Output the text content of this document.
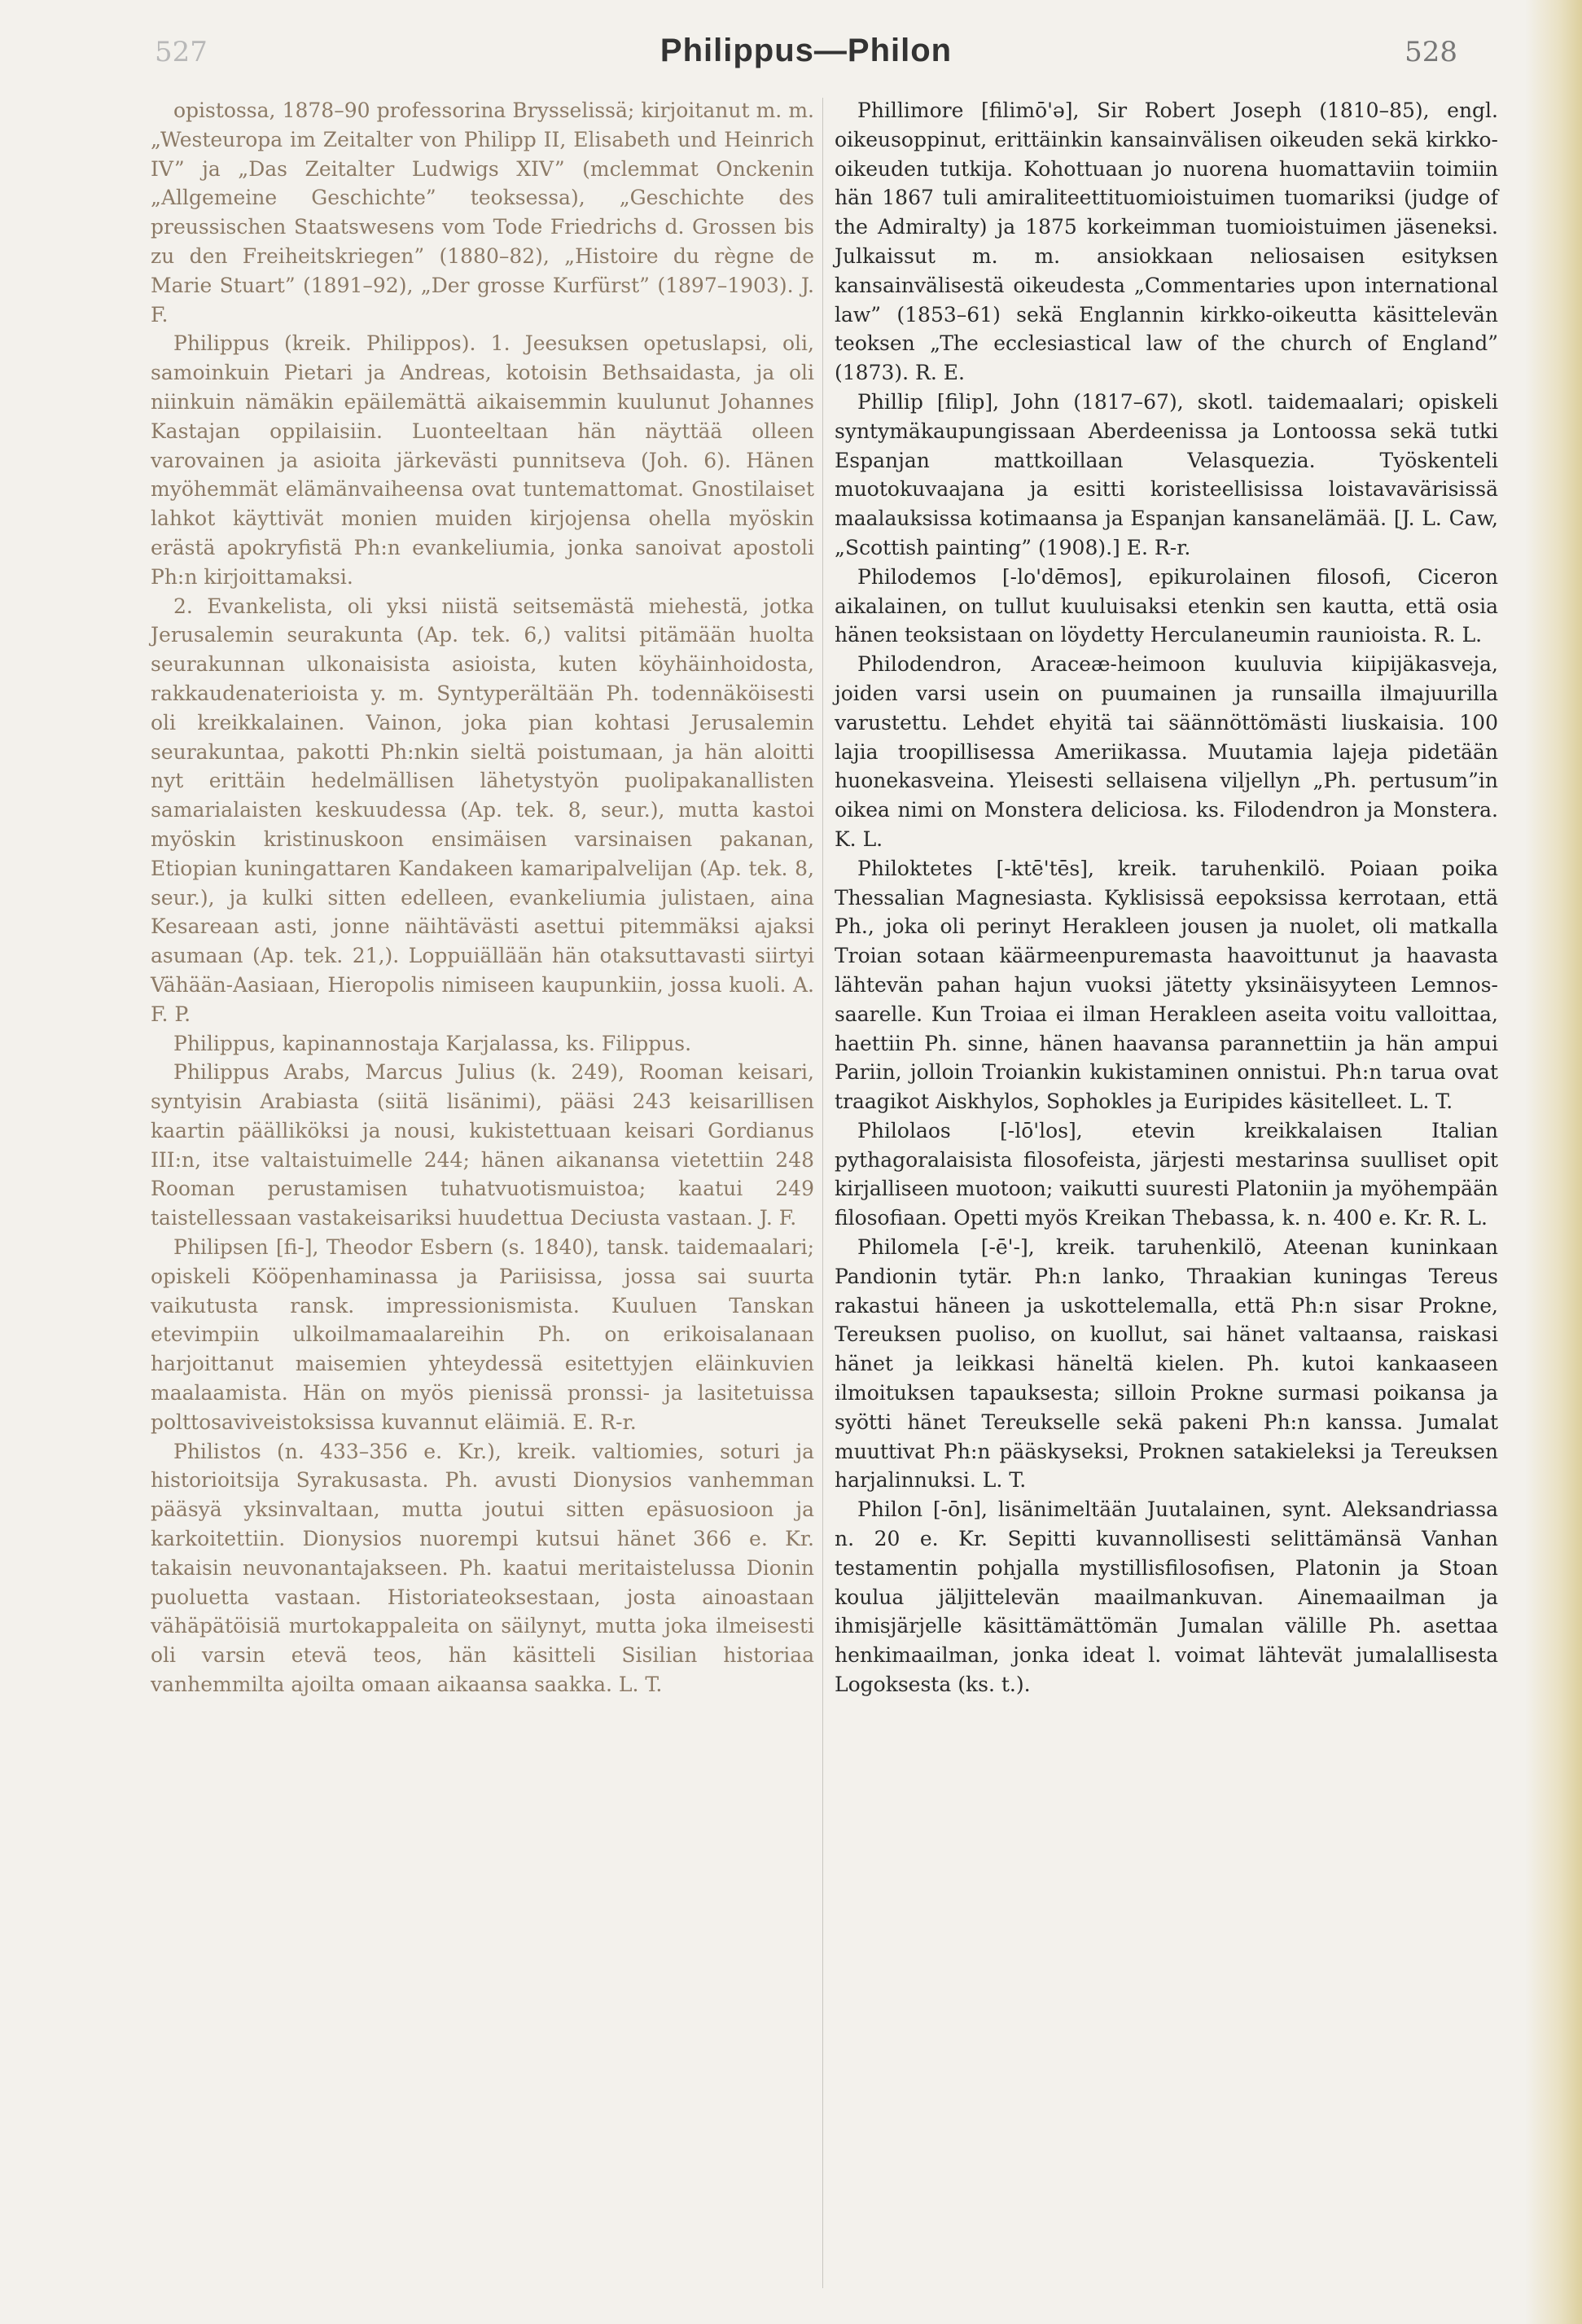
527	Philippus—Philon	528

opistossa, 1878–90 professorina Brysselissä; kirjoitanut m. m. „Westeuropa im Zeitalter von Philipp II, Elisabeth und Heinrich IV” ja „Das Zeitalter Ludwigs XIV” (mclemmat Onckenin „Allgemeine Geschichte” teoksessa), „Geschichte des preussischen Staatswesens vom Tode Friedrichs d. Grossen bis zu den Freiheitskriegen” (1880–82), „Histoire du règne de Marie Stuart” (1891–92), „Der grosse Kurfürst” (1897–1903). J. F.

Philippus (kreik. Philippos). 1. Jeesuksen opetuslapsi, oli, samoinkuin Pietari ja Andreas, kotoisin Bethsaidasta, ja oli niinkuin nämäkin epäilemättä aikaisemmin kuulunut Johannes Kastajan oppilaisiin. Luonteeltaan hän näyttää olleen varovainen ja asioita järkevästi punnitseva (Joh. 6). Hänen myöhemmät elämänvaiheensa ovat tuntemattomat. Gnostilaiset lahkot käyttivät monien muiden kirjojensa ohella myöskin erästä apokryfistä Ph:n evankeliumia, jonka sanoivat apostoli Ph:n kirjoittamaksi.

2. Evankelista, oli yksi niistä seitsemästä miehestä, jotka Jerusalemin seurakunta (Ap. tek. 6,) valitsi pitämään huolta seurakunnan ulkonaisista asioista, kuten köyhäinhoidosta, rakkaudenaterioista y. m. Syntyperältään Ph. todennäköisesti oli kreikkalainen. Vainon, joka pian kohtasi Jerusalemin seurakuntaa, pakotti Ph:nkin sieltä poistumaan, ja hän aloitti nyt erittäin hedelmällisen lähetystyön puolipakanallisten samarialaisten keskuudessa (Ap. tek. 8, seur.), mutta kastoi myöskin kristinuskoon ensimäisen varsinaisen pakanan, Etiopian kuningattaren Kandakeen kamaripalvelijan (Ap. tek. 8, seur.), ja kulki sitten edelleen, evankeliumia julistaen, aina Kesareaan asti, jonne näihtävästi asettui pitemmäksi ajaksi asumaan (Ap. tek. 21,). Loppuiällään hän otaksuttavasti siirtyi Vähään-Aasiaan, Hieropolis nimiseen kaupunkiin, jossa kuoli. A. F. P.

Philippus, kapinannostaja Karjalassa, ks. Filippus.

Philippus Arabs, Marcus Julius (k. 249), Rooman keisari, syntyisin Arabiasta (siitä lisänimi), pääsi 243 keisarillisen kaartin päälliköksi ja nousi, kukistettuaan keisari Gordianus III:n, itse valtaistuimelle 244; hänen aikanansa vietettiin 248 Rooman perustamisen tuhatvuotismuistoa; kaatui 249 taistellessaan vastakeisariksi huudettua Deciusta vastaan. J. F.

Philipsen [fi-], Theodor Esbern (s. 1840), tansk. taidemaalari; opiskeli Kööpenhaminassa ja Pariisissa, jossa sai suurta vaikutusta ransk. impressionismista. Kuuluen Tanskan etevimpiin ulkoilmamaalareihin Ph. on erikoisalanaan harjoittanut maisemien yhteydessä esitettyjen eläinkuvien maalaamista. Hän on myös pienissä pronssi- ja lasitetuissa polttosaviveistoksissa kuvannut eläimiä. E. R-r.

Philistos (n. 433–356 e. Kr.), kreik. valtiomies, soturi ja historioitsija Syrakusasta. Ph. avusti Dionysios vanhemman pääsyä yksinvaltaan, mutta joutui sitten epäsuosioon ja karkoitettiin. Dionysios nuorempi kutsui hänet 366 e. Kr. takaisin neuvonantajakseen. Ph. kaatui meritaistelussa Dionin puoluetta vastaan. Historiateoksestaan, josta ainoastaan vähäpätöisiä murtokappaleita on säilynyt, mutta joka ilmeisesti oli varsin etevä teos, hän käsitteli Sisilian historiaa vanhemmilta ajoilta omaan aikaansa saakka. L. T.

Phillimore [filimō'ə], Sir Robert Joseph (1810–85), engl. oikeusoppinut, erittäinkin kansainvälisen oikeuden sekä kirkko-oikeuden tutkija. Kohottuaan jo nuorena huomattaviin toimiin hän 1867 tuli amiraliteettituomioistuimen tuomariksi (judge of the Admiralty) ja 1875 korkeimman tuomioistuimen jäseneksi. Julkaissut m. m. ansiokkaan neliosaisen esityksen kansainvälisestä oikeudesta „Commentaries upon international law” (1853–61) sekä Englannin kirkko-oikeutta käsittelevän teoksen „The ecclesiastical law of the church of England” (1873). R. E.

Phillip [filip], John (1817–67), skotl. taidemaalari; opiskeli syntymäkaupungissaan Aberdeenissa ja Lontoossa sekä tutki Espanjan mattkoillaan Velasquezia. Työskenteli muotokuvaajana ja esitti koristeellisissa loistavavärisissä maalauksissa kotimaansa ja Espanjan kansanelämää. [J. L. Caw, „Scottish painting” (1908).] E. R-r.

Philodemos [-lo'dēmos], epikurolainen filosofi, Ciceron aikalainen, on tullut kuuluisaksi etenkin sen kautta, että osia hänen teoksistaan on löydetty Herculaneumin raunioista. R. L.

Philodendron, Araceæ-heimoon kuuluvia kiipijäkasveja, joiden varsi usein on puumainen ja runsailla ilmajuurilla varustettu. Lehdet ehyitä tai säännöttömästi liuskaisia. 100 lajia troopillisessa Ameriikassa. Muutamia lajeja pidetään huonekasveina. Yleisesti sellaisena viljellyn „Ph. pertusum”in oikea nimi on Monstera deliciosa. ks. Filodendron ja Monstera. K. L.

Philoktetes [-ktē'tēs], kreik. taruhenkilö. Poiaan poika Thessalian Magnesiasta. Kyklisissä eepoksissa kerrotaan, että Ph., joka oli perinyt Herakleen jousen ja nuolet, oli matkalla Troian sotaan käärmeenpuremasta haavoittunut ja haavasta lähtevän pahan hajun vuoksi jätetty yksinäisyyteen Lemnos-saarelle. Kun Troiaa ei ilman Herakleen aseita voitu valloittaa, haettiin Ph. sinne, hänen haavansa parannettiin ja hän ampui Pariin, jolloin Troiankin kukistaminen onnistui. Ph:n tarua ovat traagikot Aiskhylos, Sophokles ja Euripides käsitelleet. L. T.

Philolaos [-lō'los], etevin kreikkalaisen Italian pythagoralaisista filosofeista, järjesti mestarinsa suulliset opit kirjalliseen muotoon; vaikutti suuresti Platoniin ja myöhempään filosofiaan. Opetti myös Kreikan Thebassa, k. n. 400 e. Kr. R. L.

Philomela [-ē'-], kreik. taruhenkilö, Ateenan kuninkaan Pandionin tytär. Ph:n lanko, Thraakian kuningas Tereus rakastui häneen ja uskottelemalla, että Ph:n sisar Prokne, Tereuksen puoliso, on kuollut, sai hänet valtaansa, raiskasi hänet ja leikkasi häneltä kielen. Ph. kutoi kankaaseen ilmoituksen tapauksesta; silloin Prokne surmasi poikansa ja syötti hänet Tereukselle sekä pakeni Ph:n kanssa. Jumalat muuttivat Ph:n pääskyseksi, Proknen satakieleksi ja Tereuksen harjalinnuksi. L. T.

Philon [-ōn], lisänimeltään Juutalainen, synt. Aleksandriassa n. 20 e. Kr. Sepitti kuvannollisesti selittämänsä Vanhan testamentin pohjalla mystillisfilosofisen, Platonin ja Stoan koulua jäljittelevän maailmankuvan. Ainemaailman ja ihmisjärjelle käsittämättömän Jumalan välille Ph. asettaa henkimaailman, jonka ideat l. voimat lähtevät jumalallisesta Logoksesta (ks. t.).
